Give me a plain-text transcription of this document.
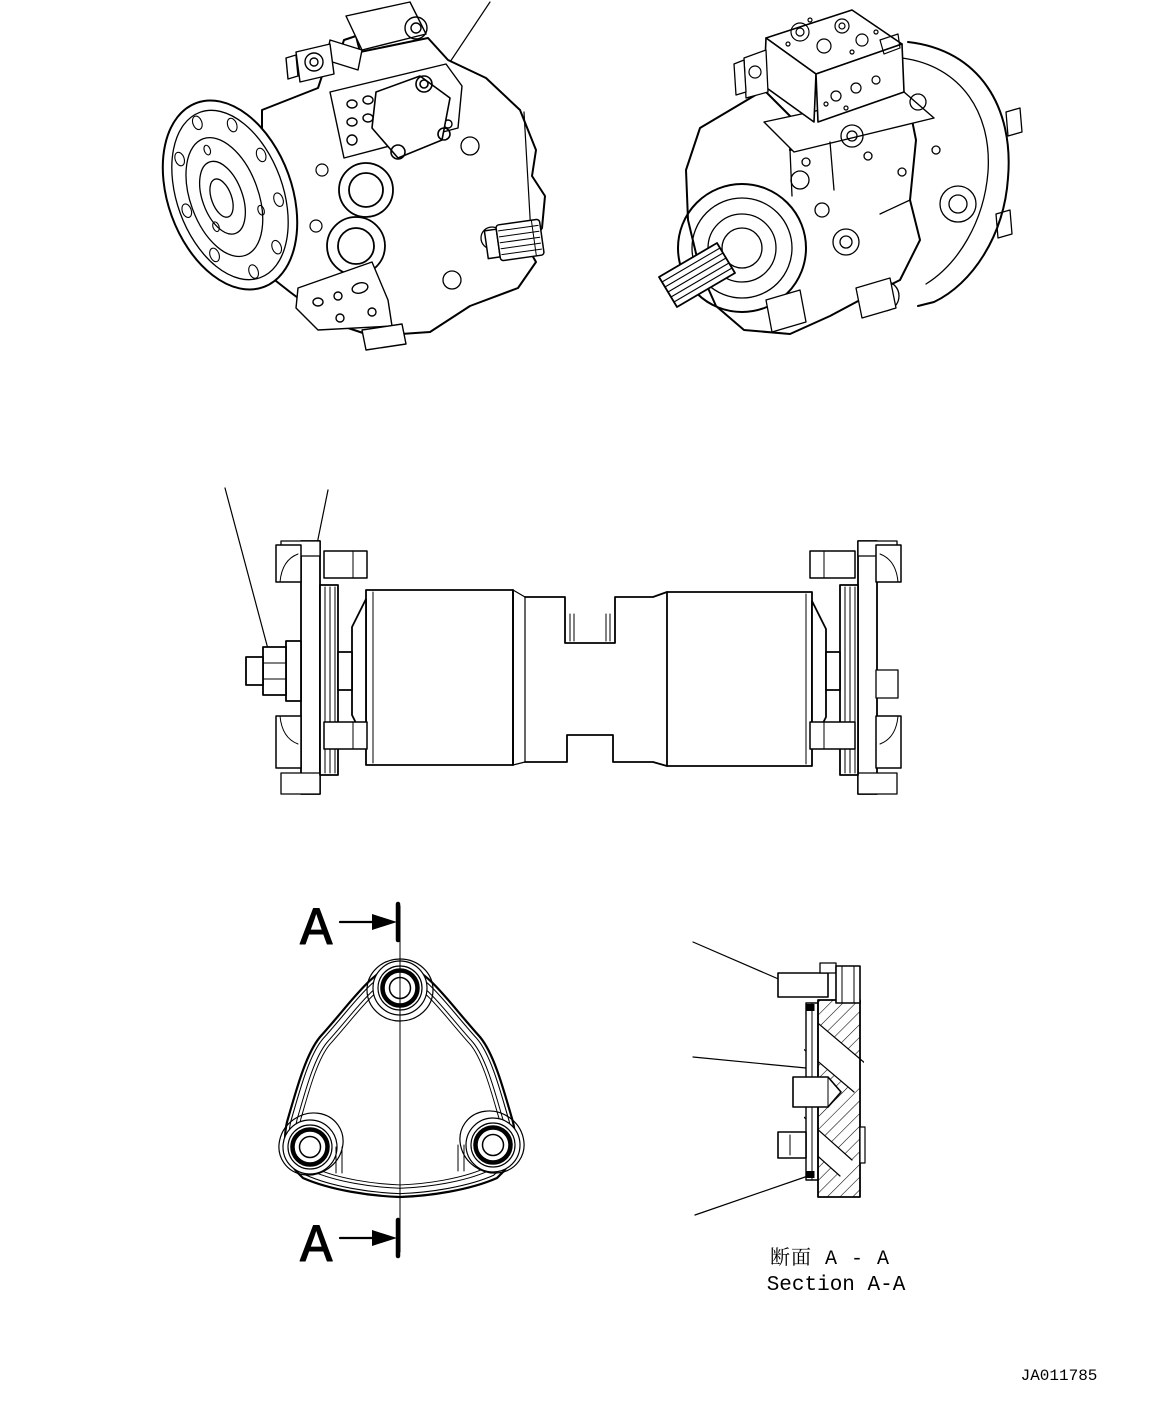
A
A	断面 A - A
Section A-A
JA011785
